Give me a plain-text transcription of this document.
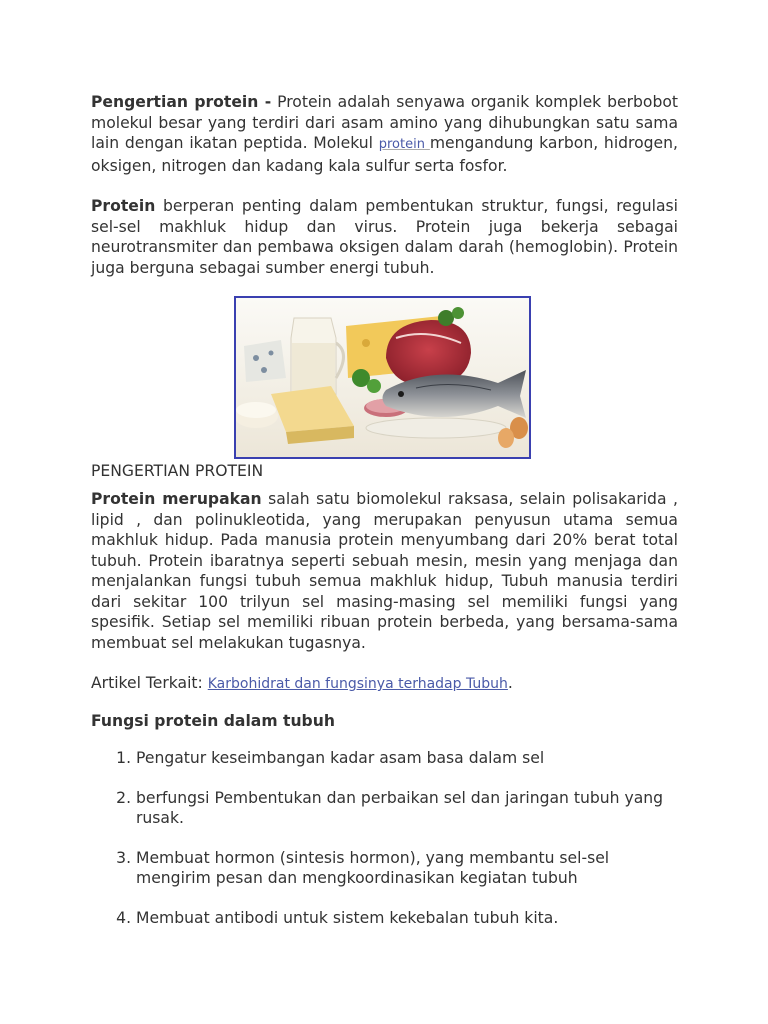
Pengertian protein - Protein adalah senyawa organik komplek berbobot molekul besar yang terdiri dari asam amino yang dihubungkan satu sama lain dengan ikatan peptida. Molekul protein mengandung karbon, hidrogen, oksigen, nitrogen dan kadang kala sulfur serta fosfor.

Protein berperan penting dalam pembentukan struktur, fungsi, regulasi sel-sel makhluk hidup dan virus. Protein juga bekerja sebagai neurotransmiter dan pembawa oksigen dalam darah (hemoglobin). Protein juga berguna sebagai sumber energi tubuh.

PENGERTIAN PROTEIN

Protein merupakan salah satu biomolekul raksasa, selain polisakarida , lipid , dan polinukleotida, yang merupakan penyusun utama semua makhluk hidup. Pada manusia protein menyumbang dari 20% berat total tubuh. Protein ibaratnya seperti sebuah mesin, mesin yang menjaga dan menjalankan fungsi tubuh semua makhluk hidup, Tubuh manusia terdiri dari sekitar 100 trilyun sel masing-masing sel memiliki fungsi yang spesifik. Setiap sel memiliki ribuan protein berbeda, yang bersama-sama membuat sel melakukan tugasnya.

Artikel Terkait: Karbohidrat dan fungsinya terhadap Tubuh.
Fungsi protein dalam tubuh
1. Pengatur keseimbangan kadar asam basa dalam sel
2. berfungsi Pembentukan dan perbaikan sel dan jaringan tubuh yang rusak.
3. Membuat hormon (sintesis hormon), yang membantu sel-sel mengirim pesan dan mengkoordinasikan kegiatan tubuh
4. Membuat antibodi untuk sistem kekebalan tubuh kita.
